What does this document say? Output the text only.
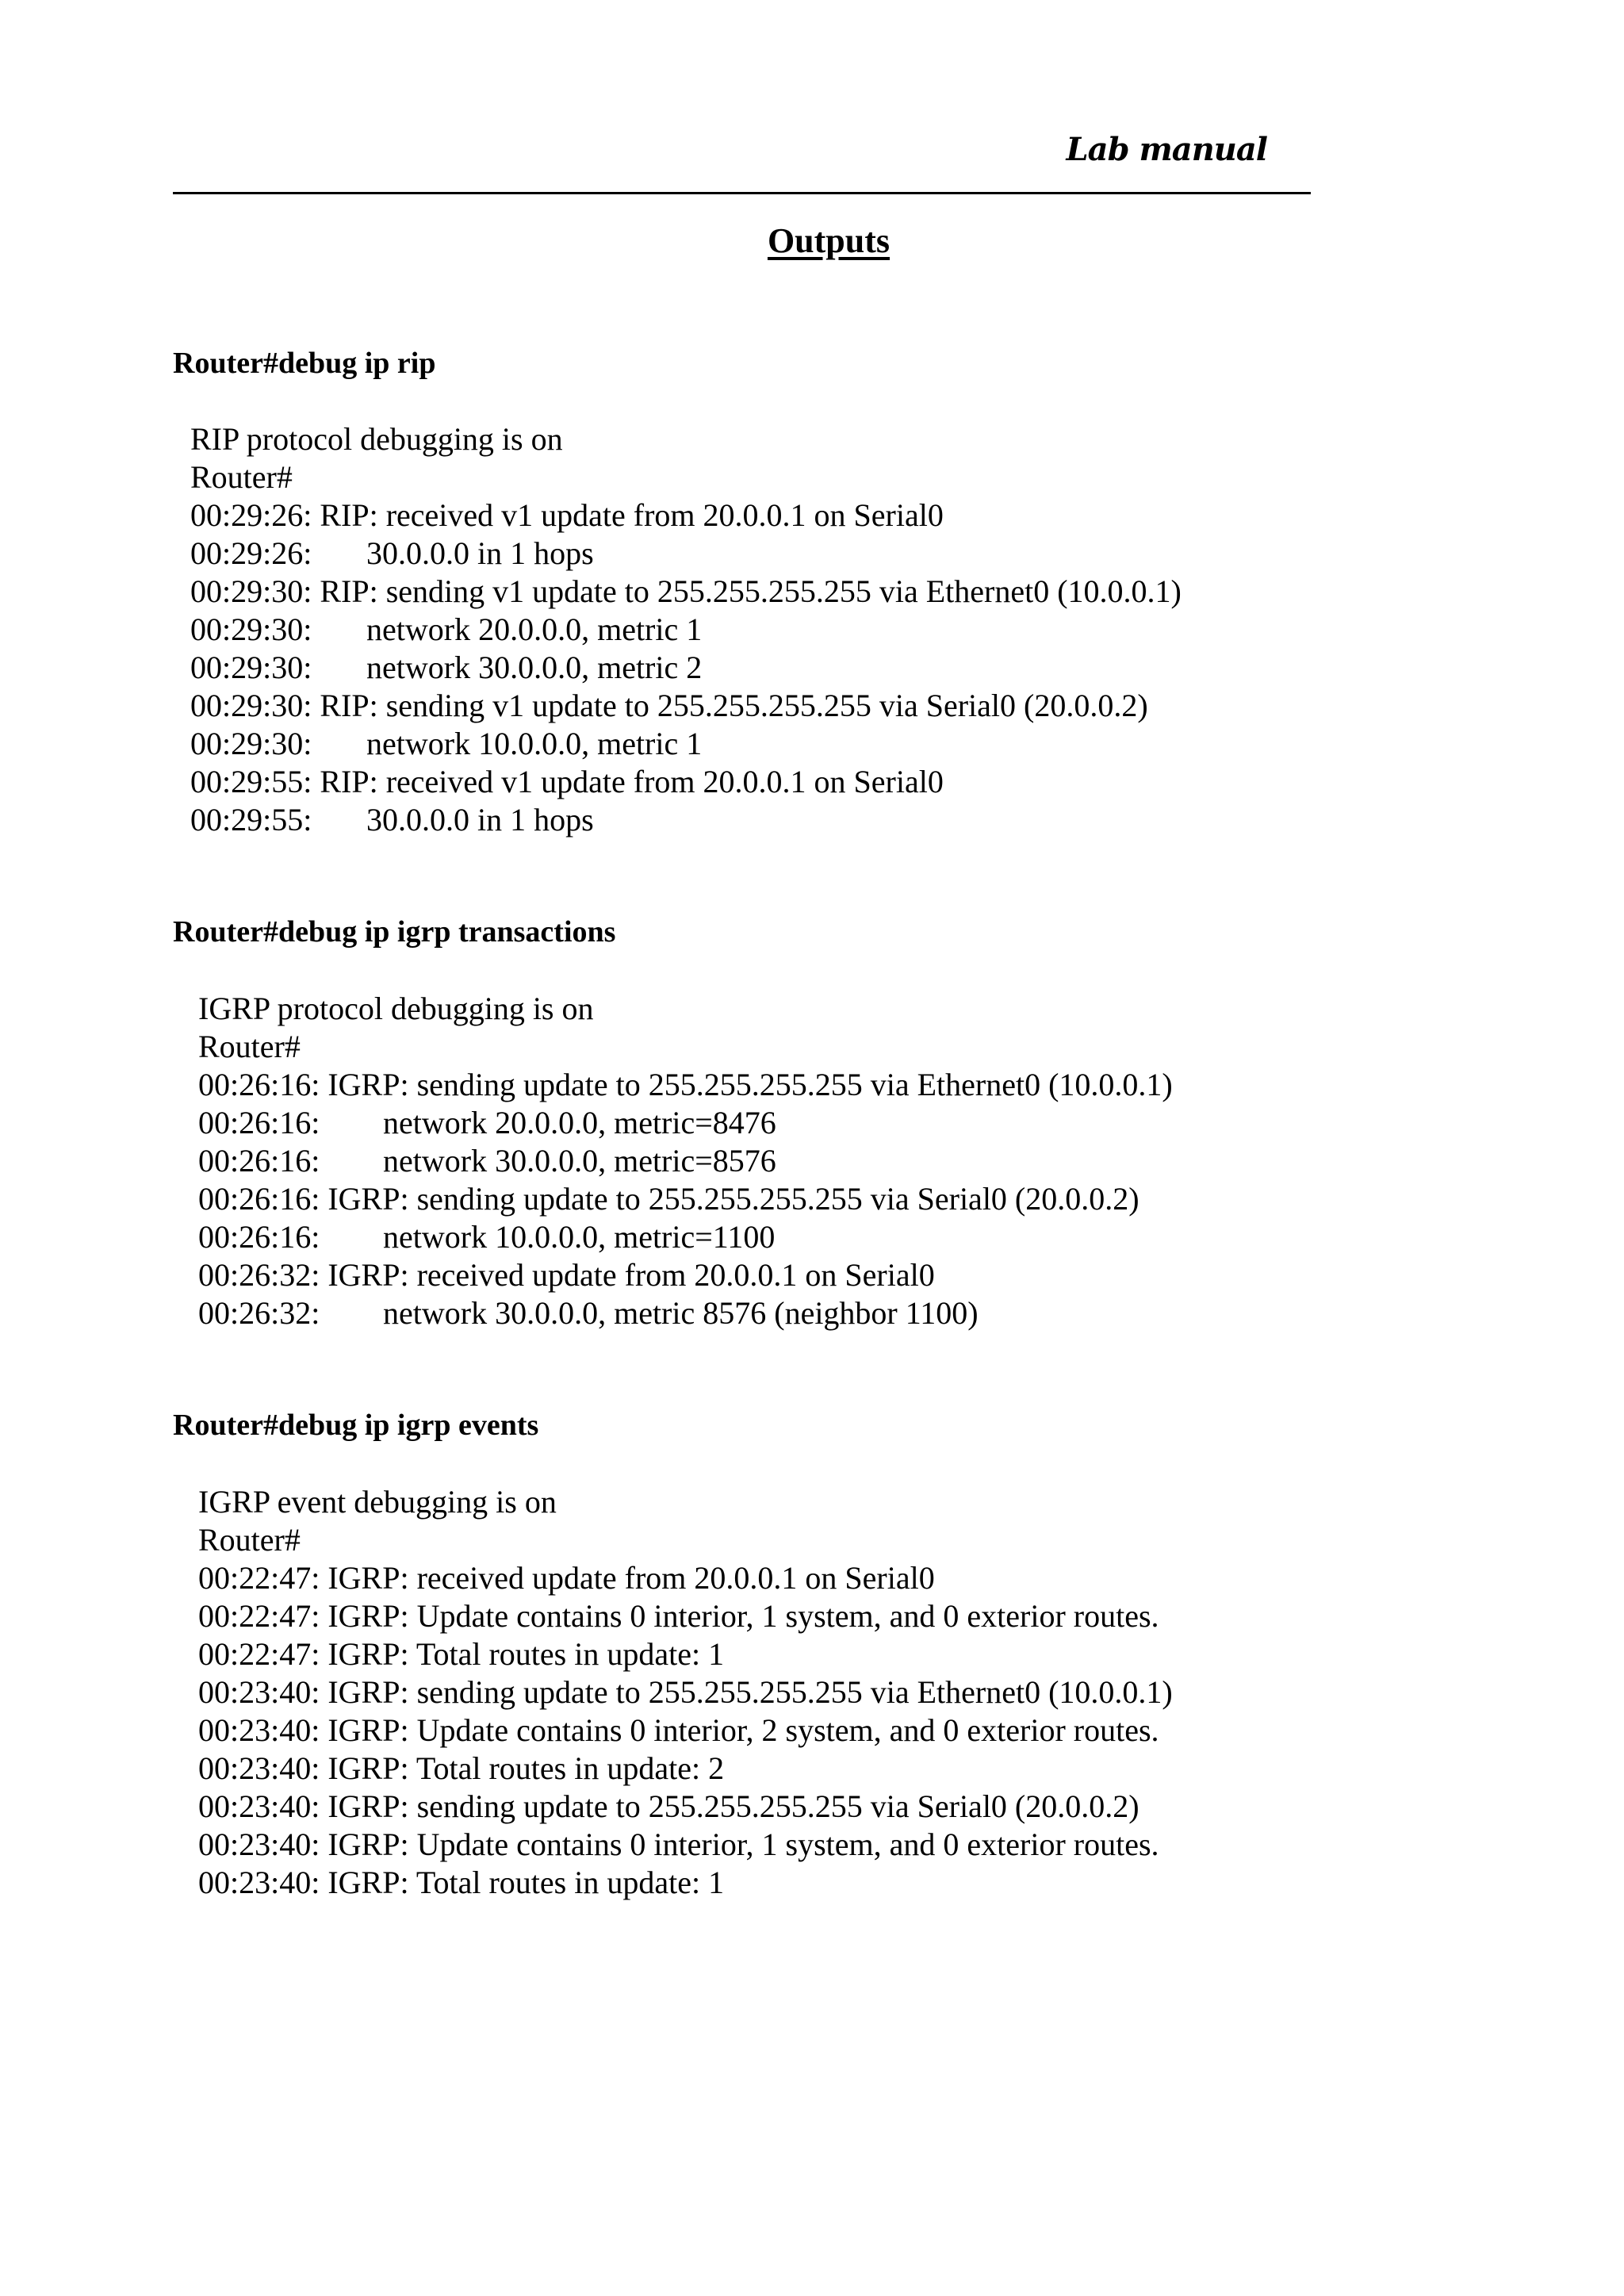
Lab manual
Outputs
Router#debug ip rip
RIP protocol debugging is on
Router#
00:29:26: RIP: received v1 update from 20.0.0.1 on Serial0
00:29:26: 30.0.0.0 in 1 hops
00:29:30: RIP: sending v1 update to 255.255.255.255 via Ethernet0 (10.0.0.1)
00:29:30: network 20.0.0.0, metric 1
00:29:30: network 30.0.0.0, metric 2
00:29:30: RIP: sending v1 update to 255.255.255.255 via Serial0 (20.0.0.2)
00:29:30: network 10.0.0.0, metric 1
00:29:55: RIP: received v1 update from 20.0.0.1 on Serial0
00:29:55: 30.0.0.0 in 1 hops
Router#debug ip igrp transactions
IGRP protocol debugging is on
Router#
00:26:16: IGRP: sending update to 255.255.255.255 via Ethernet0 (10.0.0.1)
00:26:16: network 20.0.0.0, metric=8476
00:26:16: network 30.0.0.0, metric=8576
00:26:16: IGRP: sending update to 255.255.255.255 via Serial0 (20.0.0.2)
00:26:16: network 10.0.0.0, metric=1100
00:26:32: IGRP: received update from 20.0.0.1 on Serial0
00:26:32: network 30.0.0.0, metric 8576 (neighbor 1100)
Router#debug ip igrp events
IGRP event debugging is on
Router#
00:22:47: IGRP: received update from 20.0.0.1 on Serial0
00:22:47: IGRP: Update contains 0 interior, 1 system, and 0 exterior routes.
00:22:47: IGRP: Total routes in update: 1
00:23:40: IGRP: sending update to 255.255.255.255 via Ethernet0 (10.0.0.1)
00:23:40: IGRP: Update contains 0 interior, 2 system, and 0 exterior routes.
00:23:40: IGRP: Total routes in update: 2
00:23:40: IGRP: sending update to 255.255.255.255 via Serial0 (20.0.0.2)
00:23:40: IGRP: Update contains 0 interior, 1 system, and 0 exterior routes.
00:23:40: IGRP: Total routes in update: 1
